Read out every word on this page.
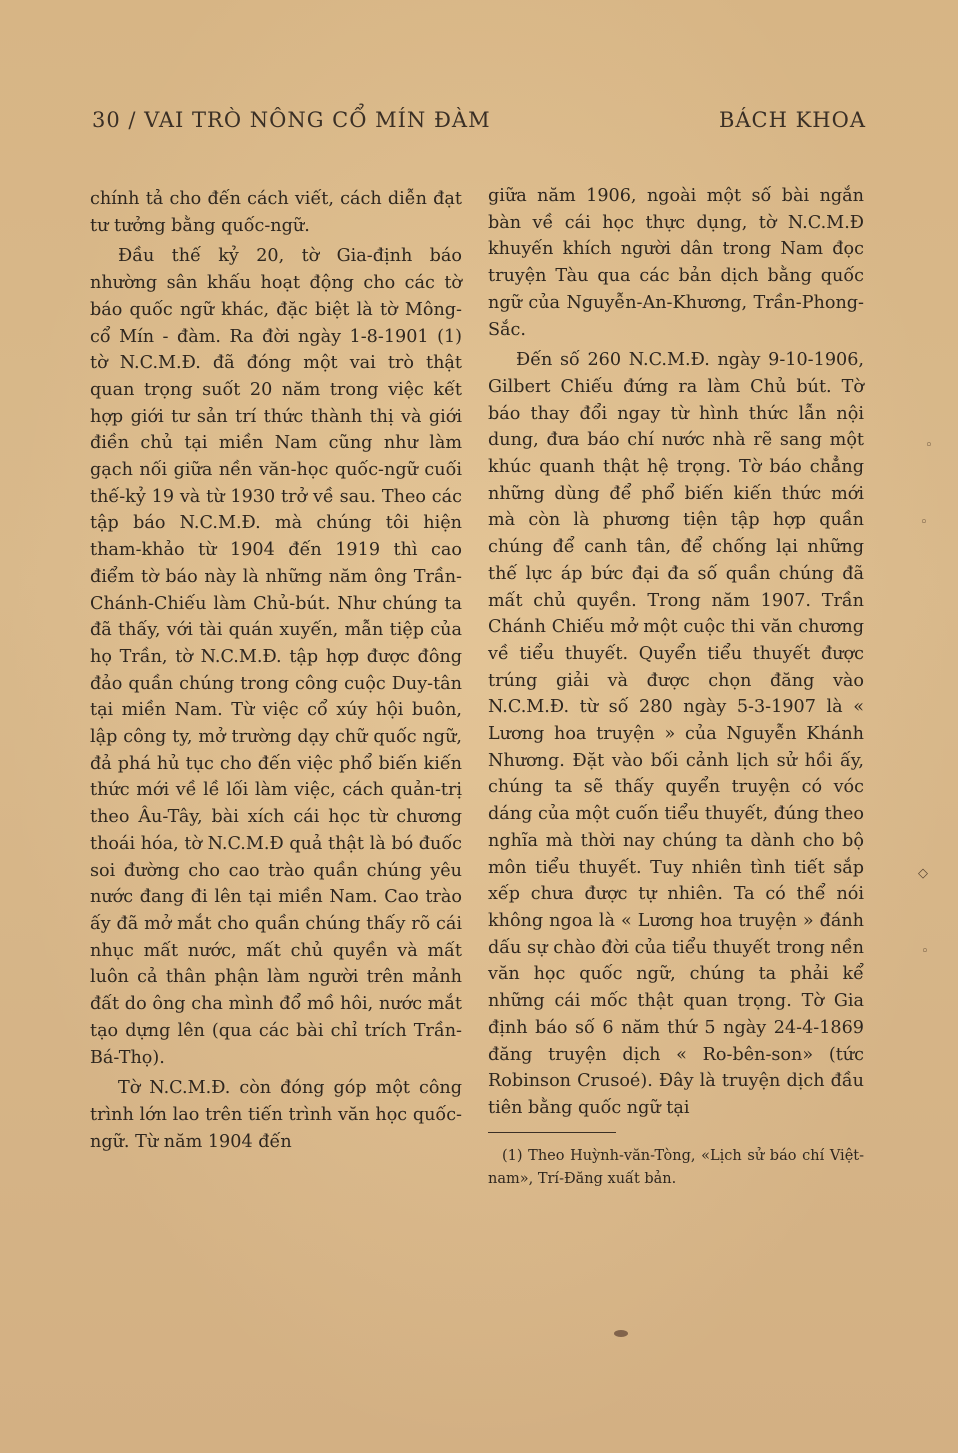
30 / VAI TRÒ NÔNG CỔ MÍN ĐÀM	BÁCH KHOA

chính tả cho đến cách viết, cách diễn đạt tư tưởng bằng quốc-ngữ.

Đầu thế kỷ 20, tờ Gia-định báo nhường sân khấu hoạt động cho các tờ báo quốc ngữ khác, đặc biệt là tờ Mông-cổ Mín - đàm. Ra đời ngày 1-8-1901 (1) tờ N.C.M.Đ. đã đóng một vai trò thật quan trọng suốt 20 năm trong việc kết hợp giới tư sản trí thức thành thị và giới điền chủ tại miền Nam cũng như làm gạch nối giữa nền văn-học quốc-ngữ cuối thế-kỷ 19 và từ 1930 trở về sau. Theo các tập báo N.C.M.Đ. mà chúng tôi hiện tham-khảo từ 1904 đến 1919 thì cao điểm tờ báo này là những năm ông Trần-Chánh-Chiếu làm Chủ-bút. Như chúng ta đã thấy, với tài quán xuyến, mẫn tiệp của họ Trần, tờ N.C.M.Đ. tập hợp được đông đảo quần chúng trong công cuộc Duy-tân tại miền Nam. Từ việc cổ xúy hội buôn, lập công ty, mở trường dạy chữ quốc ngữ, đả phá hủ tục cho đến việc phổ biến kiến thức mới về lề lối làm việc, cách quản-trị theo Âu-Tây, bài xích cái học từ chương thoái hóa, tờ N.C.M.Đ quả thật là bó đuốc soi đường cho cao trào quần chúng yêu nước đang đi lên tại miền Nam. Cao trào ấy đã mở mắt cho quần chúng thấy rõ cái nhục mất nước, mất chủ quyền và mất luôn cả thân phận làm người trên mảnh đất do ông cha mình đổ mồ hôi, nước mắt tạo dựng lên (qua các bài chỉ trích Trần-Bá-Thọ).

Tờ N.C.M.Đ. còn đóng góp một công trình lớn lao trên tiến trình văn học quốc-ngữ. Từ năm 1904 đến

giữa năm 1906, ngoài một số bài ngắn bàn về cái học thực dụng, tờ N.C.M.Đ khuyến khích người dân trong Nam đọc truyện Tàu qua các bản dịch bằng quốc ngữ của Nguyễn-An-Khương, Trần-Phong-Sắc.

Đến số 260 N.C.M.Đ. ngày 9-10-1906, Gilbert Chiếu đứng ra làm Chủ bút. Tờ báo thay đổi ngay từ hình thức lẫn nội dung, đưa báo chí nước nhà rẽ sang một khúc quanh thật hệ trọng. Tờ báo chẳng những dùng để phổ biến kiến thức mới mà còn là phương tiện tập hợp quần chúng để canh tân, để chống lại những thế lực áp bức đại đa số quần chúng đã mất chủ quyền. Trong năm 1907. Trần Chánh Chiếu mở một cuộc thi văn chương về tiểu thuyết. Quyển tiểu thuyết được trúng giải và được chọn đăng vào N.C.M.Đ. từ số 280 ngày 5-3-1907 là « Lương hoa truyện » của Nguyễn Khánh Nhương. Đặt vào bối cảnh lịch sử hồi ấy, chúng ta sẽ thấy quyển truyện có vóc dáng của một cuốn tiểu thuyết, đúng theo nghĩa mà thời nay chúng ta dành cho bộ môn tiểu thuyết. Tuy nhiên tình tiết sắp xếp chưa được tự nhiên. Ta có thể nói không ngoa là « Lương hoa truyện » đánh dấu sự chào đời của tiểu thuyết trong nền văn học quốc ngữ, chúng ta phải kể những cái mốc thật quan trọng. Tờ Gia định báo số 6 năm thứ 5 ngày 24-4-1869 đăng truyện dịch « Ro-bên-son» (tức Robinson Crusoé). Đây là truyện dịch đầu tiên bằng quốc ngữ tại

(1) Theo Huỳnh-văn-Tòng, «Lịch sử báo chí Việt-nam», Trí-Đăng xuất bản.
◦
◦
◇
◦
